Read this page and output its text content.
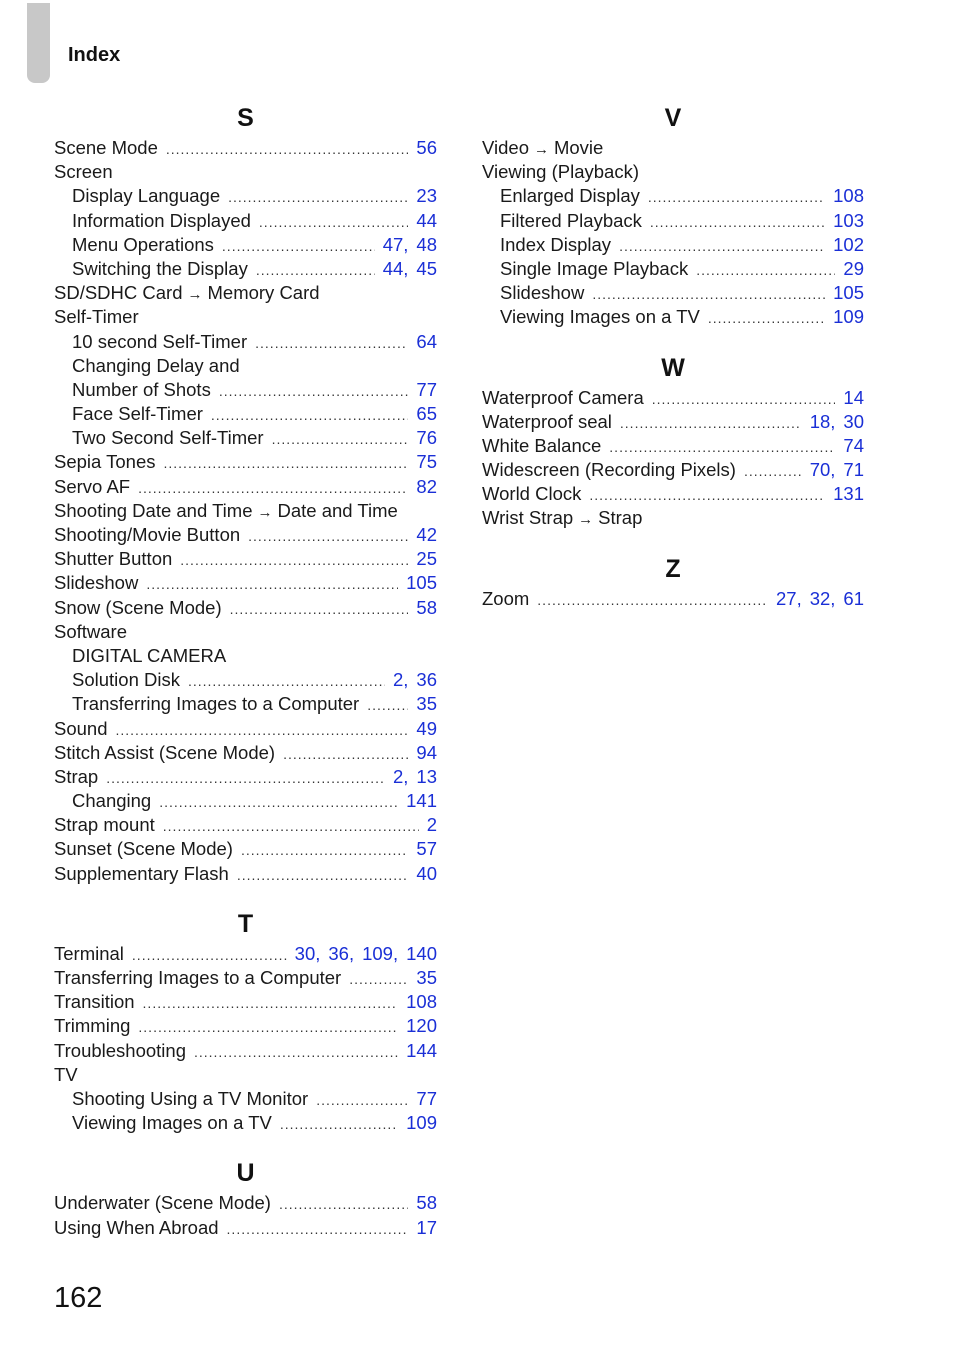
Index
S
Scene Mode .....	56
Screen
Display Language .....	23
Information Displayed .....	44
Menu Operations .....	47, 48
Switching the Display .....	44, 45
SD/SDHC Card → Memory Card
Self-Timer
10 second Self-Timer .....	64
Changing Delay and
Number of Shots .....	77
Face Self-Timer .....	65
Two Second Self-Timer .....	76
Sepia Tones .....	75
Servo AF .....	82
Shooting Date and Time → Date and Time
Shooting/Movie Button .....	42
Shutter Button .....	25
Slideshow .....	105
Snow (Scene Mode) .....	58
Software
DIGITAL CAMERA
Solution Disk .....	2, 36
Transferring Images to a Computer .....	35
Sound .....	49
Stitch Assist (Scene Mode) .....	94
Strap .....	2, 13
Changing .....	141
Strap mount .....	2
Sunset (Scene Mode) .....	57
Supplementary Flash .....	40
T
Terminal .....	30, 36, 109, 140
Transferring Images to a Computer .....	35
Transition .....	108
Trimming .....	120
Troubleshooting .....	144
TV
Shooting Using a TV Monitor .....	77
Viewing Images on a TV .....	109
U
Underwater (Scene Mode) .....	58
Using When Abroad .....	17
V
Video → Movie
Viewing (Playback)
Enlarged Display .....	108
Filtered Playback .....	103
Index Display .....	102
Single Image Playback .....	29
Slideshow .....	105
Viewing Images on a TV .....	109
W
Waterproof Camera .....	14
Waterproof seal .....	18, 30
White Balance .....	74
Widescreen (Recording Pixels) .....	70, 71
World Clock .....	131
Wrist Strap → Strap
Z
Zoom .....	27, 32, 61
162
